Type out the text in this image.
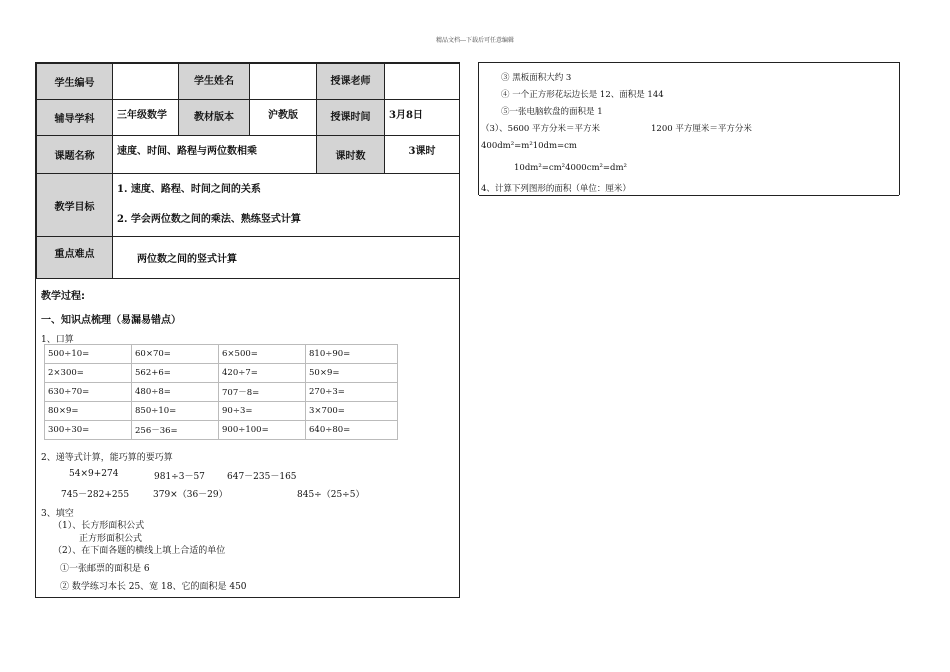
精品文档---下载后可任意编辑
学生编号		学生姓名		授课老师	
辅导学科	三年级数学	教材版本	沪教版	授课时间	3月8日
课题名称	速度、时间、路程与两位数相乘			课时数	3课时
教学目标	1. 速度、路程、时间之间的关系
2. 学会两位数之间的乘法、熟练竖式计算				

重点难点	两位数之间的竖式计算				
教学过程:
一、知识点梳理（易漏易错点）
1、口算
500÷10=	60×70=	6×500=	810÷90=
2×300=	562+6=	420÷7=	50×9=
630÷70=	480÷8=	707－8=	270÷3=
80×9=	850÷10=	90÷3=	3×700=
300÷30=	256－36=	900÷100=	640÷80=
2、递等式计算，能巧算的要巧算
54×9+274	981÷3－57 647－235－165
745－282+255	379×（36－29）	845÷（25÷5）
3、填空
（1）、长方形面积公式
正方形面积公式
（2）、在下面各题的横线上填上合适的单位
①一张邮票的面积是 6
② 数学练习本长 25、宽 18、它的面积是 450
③ 黑板面积大约 3
④ 一个正方形花坛边长是 12、面积是 144
⑤一张电脑软盘的面积是 1
（3）、5600 平方分米＝平方米	1200 平方厘米＝平方分米
400dm²=m²10dm=cm
10dm²=cm²4000cm²=dm²
4、计算下列图形的面积（单位：厘米）
